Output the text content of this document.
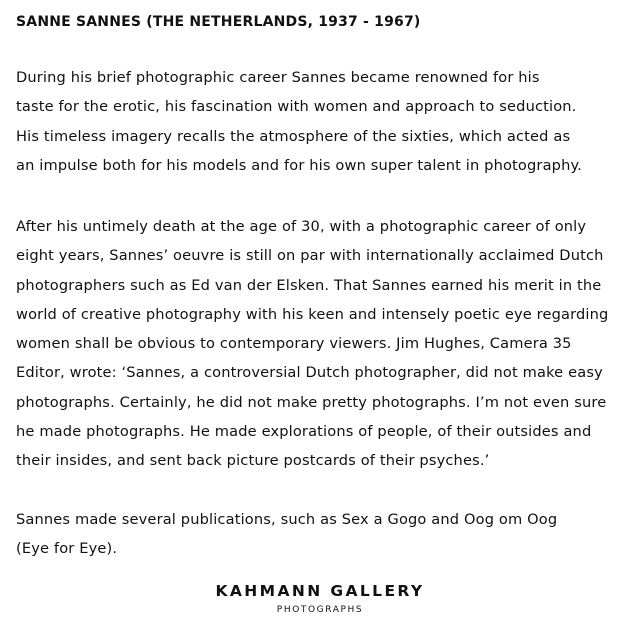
SANNE SANNES (THE NETHERLANDS, 1937 - 1967)
During his brief photographic career Sannes became renowned for his
taste for the erotic, his fascination with women and approach to seduction.
His timeless imagery recalls the atmosphere of the sixties, which acted as
an impulse both for his models and for his own super talent in photography.
After his untimely death at the age of 30, with a photographic career of only
eight years, Sannes’ oeuvre is still on par with internationally acclaimed Dutch
photographers such as Ed van der Elsken. That Sannes earned his merit in the
world of creative photography with his keen and intensely poetic eye regarding
women shall be obvious to contemporary viewers. Jim Hughes, Camera 35
Editor, wrote: ‘Sannes, a controversial Dutch photographer, did not make easy
photographs. Certainly, he did not make pretty photographs. I’m not even sure
he made photographs. He made explorations of people, of their outsides and
their insides, and sent back picture postcards of their psyches.’
Sannes made several publications, such as Sex a Gogo and Oog om Oog
(Eye for Eye).
KAHMANN GALLERY
PHOTOGRAPHS
